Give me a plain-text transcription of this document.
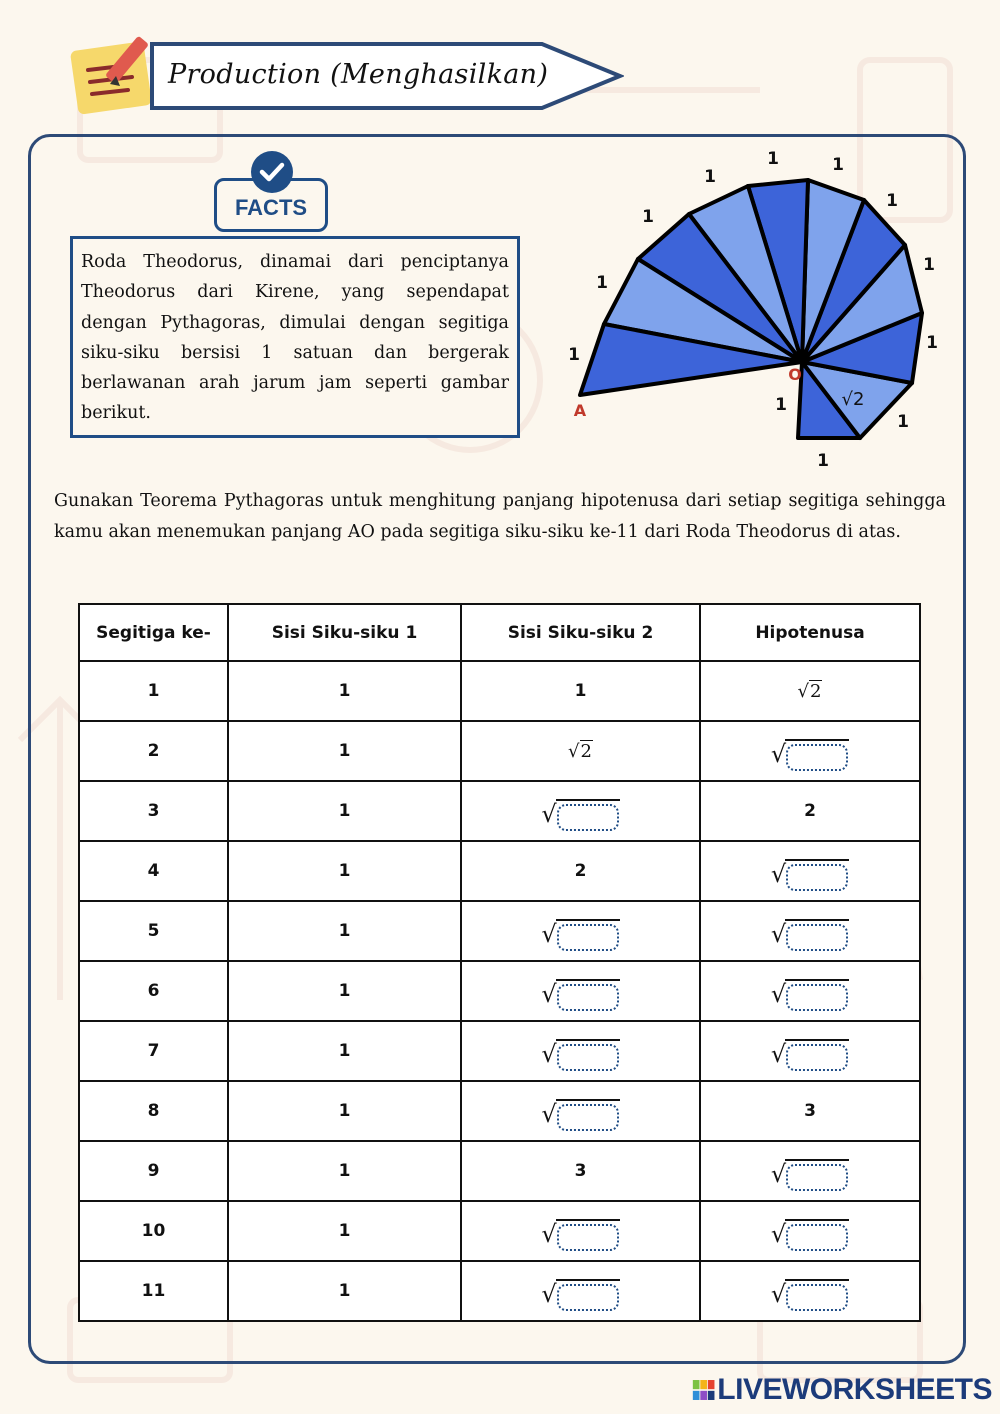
Production (Menghasilkan)
FACTS
Roda Theodorus, dinamai dari penciptanya Theodorus dari Kirene, yang sependapat dengan Pythagoras, dimulai dengan segitiga siku-siku bersisi 1 satuan dan bergerak berlawanan arah jarum jam seperti gambar berikut.	1
1
1
1
1
1
1
1
1
1
1
1
A
O
√2
Gunakan Teorema Pythagoras untuk menghitung panjang hipotenusa dari setiap segitiga sehingga kamu akan menemukan panjang AO pada segitiga siku-siku ke-11 dari Roda Theodorus di atas.
Segitiga ke-	Sisi Siku-siku 1	Sisi Siku-siku 2	Hipotenusa
1	1	1	√2
2	1	√2	√

3	1	√	2
4	1	2	√

5	1	√	√

6	1	√	√

7	1	√	√

8	1	√	3
9	1	3	√

10	1	√	√

11	1	√	√
LIVEWORKSHEETS
